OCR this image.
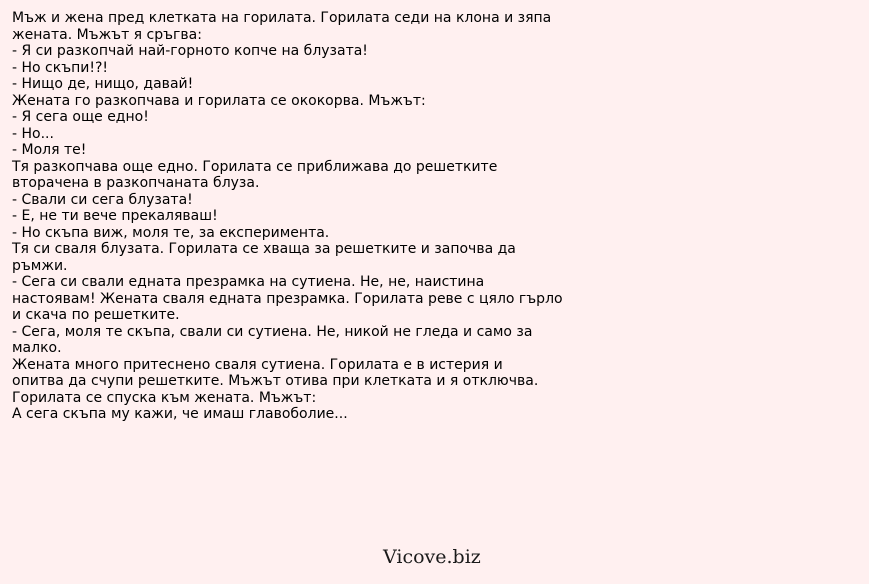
Мъж и жена пред клетката на горилата. Горилата седи на клона и зяпа
жената. Мъжът я сръгва:
- Я си разкопчай най-горното копче на блузата!
- Но скъпи!?!
- Нищо де, нищо, давай!
Жената го разкопчава и горилата се ококорва. Мъжът:
- Я сега още едно!
- Но...
- Моля те!
Тя разкопчава още едно. Горилата се приближава до решетките
вторачена в разкопчаната блуза.
- Свали си сега блузата!
- Е, не ти вече прекаляваш!
- Но скъпа виж, моля те, за експеримента.
Тя си сваля блузата. Горилата се хваща за решетките и започва да
ръмжи.
- Сега си свали едната презрамка на сутиена. Не, не, наистина
настоявам! Жената сваля едната презрамка. Горилата реве с цяло гърло
и скача по решетките.
- Сега, моля те скъпа, свали си сутиена. Не, никой не гледа и само за
малко.
Жената много притеснено сваля сутиена. Горилата е в истерия и
опитва да счупи решетките. Мъжът отива при клетката и я отключва.
Горилата се спуска към жената. Мъжът:
А сега скъпа му кажи, че имаш главоболие...
Vicove.biz
